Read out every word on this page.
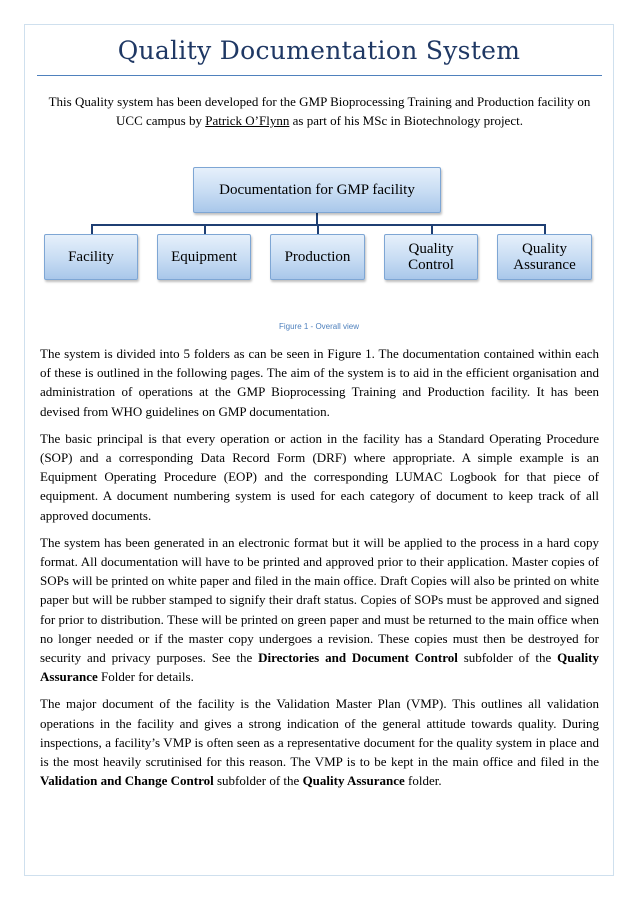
Quality Documentation System
This Quality system has been developed for the GMP Bioprocessing Training and Production facility on UCC campus by Patrick O’Flynn as part of his MSc in Biotechnology project.
Documentation for GMP facility
Facility	Equipment	Production	Quality
Control
Quality
Assurance
Figure 1 - Overall view

The system is divided into 5 folders as can be seen in Figure 1. The documentation contained within each of these is outlined in the following pages. The aim of the system is to aid in the efficient organisation and administration of operations at the GMP Bioprocessing Training and Production facility. It has been devised from WHO guidelines on GMP documentation.

The basic principal is that every operation or action in the facility has a Standard Operating Procedure (SOP) and a corresponding Data Record Form (DRF) where appropriate. A simple example is an Equipment Operating Procedure (EOP) and the corresponding LUMAC Logbook for that piece of equipment. A document numbering system is used for each category of document to keep track of all approved documents.

The system has been generated in an electronic format but it will be applied to the process in a hard copy format. All documentation will have to be printed and approved prior to their application. Master copies of SOPs will be printed on white paper and filed in the main office. Draft Copies will also be printed on white paper but will be rubber stamped to signify their draft status. Copies of SOPs must be approved and signed for prior to distribution. These will be printed on green paper and must be returned to the main office when no longer needed or if the master copy undergoes a revision. These copies must then be destroyed for security and privacy purposes. See the Directories and Document Control subfolder of the Quality Assurance Folder for details.

The major document of the facility is the Validation Master Plan (VMP). This outlines all validation operations in the facility and gives a strong indication of the general attitude towards quality. During inspections, a facility’s VMP is often seen as a representative document for the quality system in place and is the most heavily scrutinised for this reason. The VMP is to be kept in the main office and filed in the Validation and Change Control subfolder of the Quality Assurance folder.
